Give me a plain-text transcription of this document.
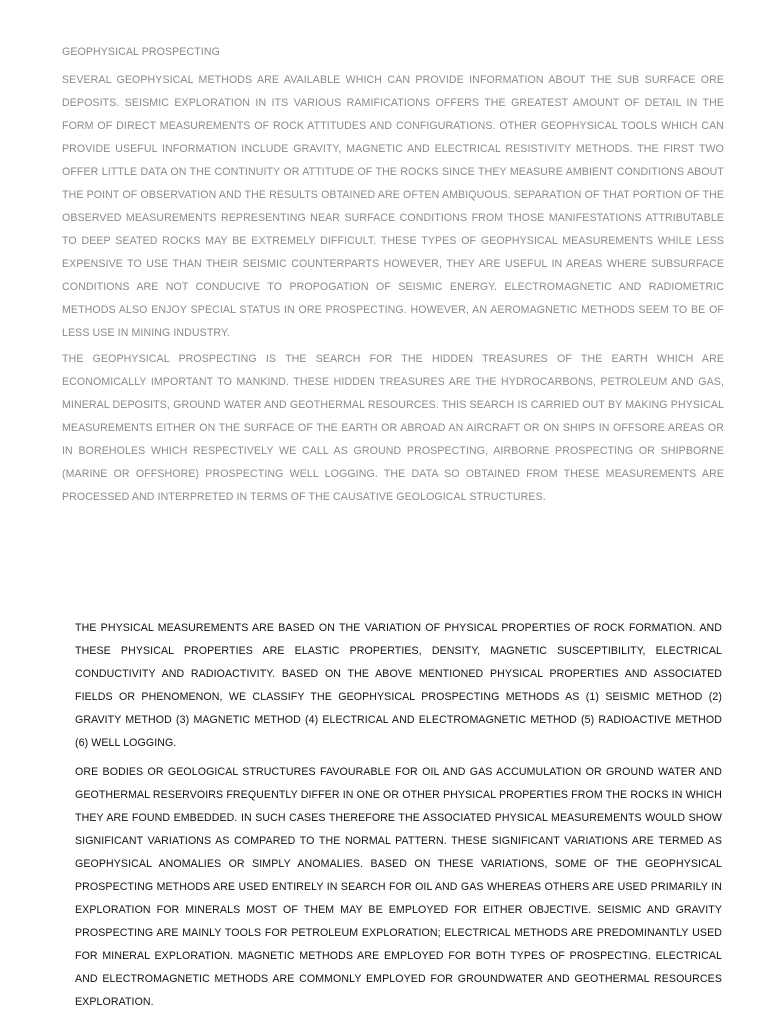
GEOPHYSICAL PROSPECTING

SEVERAL GEOPHYSICAL METHODS ARE AVAILABLE WHICH CAN PROVIDE INFORMATION ABOUT THE SUB SURFACE ORE DEPOSITS. SEISMIC EXPLORATION IN ITS VARIOUS RAMIFICATIONS OFFERS THE GREATEST AMOUNT OF DETAIL IN THE FORM OF DIRECT MEASUREMENTS OF ROCK ATTITUDES AND CONFIGURATIONS. OTHER GEOPHYSICAL TOOLS WHICH CAN PROVIDE USEFUL INFORMATION INCLUDE GRAVITY, MAGNETIC AND ELECTRICAL RESISTIVITY METHODS. THE FIRST TWO OFFER LITTLE DATA ON THE CONTINUITY OR ATTITUDE OF THE ROCKS SINCE THEY MEASURE AMBIENT CONDITIONS ABOUT THE POINT OF OBSERVATION AND THE RESULTS OBTAINED ARE OFTEN AMBIQUOUS. SEPARATION OF THAT PORTION OF THE OBSERVED MEASUREMENTS REPRESENTING NEAR SURFACE CONDITIONS FROM THOSE MANIFESTATIONS ATTRIBUTABLE TO DEEP SEATED ROCKS MAY BE EXTREMELY DIFFICULT. THESE TYPES OF GEOPHYSICAL MEASUREMENTS WHILE LESS EXPENSIVE TO USE THAN THEIR SEISMIC COUNTERPARTS HOWEVER, THEY ARE USEFUL IN AREAS WHERE SUBSURFACE CONDITIONS ARE NOT CONDUCIVE TO PROPOGATION OF SEISMIC ENERGY. ELECTROMAGNETIC AND RADIOMETRIC METHODS ALSO ENJOY SPECIAL STATUS IN ORE PROSPECTING. HOWEVER, AN AEROMAGNETIC METHODS SEEM TO BE OF LESS USE IN MINING INDUSTRY.

THE GEOPHYSICAL PROSPECTING IS THE SEARCH FOR THE HIDDEN TREASURES OF THE EARTH WHICH ARE ECONOMICALLY IMPORTANT TO MANKIND. THESE HIDDEN TREASURES ARE THE HYDROCARBONS, PETROLEUM AND GAS, MINERAL DEPOSITS, GROUND WATER AND GEOTHERMAL RESOURCES. THIS SEARCH IS CARRIED OUT BY MAKING PHYSICAL MEASUREMENTS EITHER ON THE SURFACE OF THE EARTH OR ABROAD AN AIRCRAFT OR ON SHIPS IN OFFSORE AREAS OR IN BOREHOLES WHICH RESPECTIVELY WE CALL AS GROUND PROSPECTING, AIRBORNE PROSPECTING OR SHIPBORNE (MARINE OR OFFSHORE) PROSPECTING WELL LOGGING. THE DATA SO OBTAINED FROM THESE MEASUREMENTS ARE PROCESSED AND INTERPRETED IN TERMS OF THE CAUSATIVE GEOLOGICAL STRUCTURES.

THE PHYSICAL MEASUREMENTS ARE BASED ON THE VARIATION OF PHYSICAL PROPERTIES OF ROCK FORMATION. AND THESE PHYSICAL PROPERTIES ARE ELASTIC PROPERTIES, DENSITY, MAGNETIC SUSCEPTIBILITY, ELECTRICAL CONDUCTIVITY AND RADIOACTIVITY. BASED ON THE ABOVE MENTIONED PHYSICAL PROPERTIES AND ASSOCIATED FIELDS OR PHENOMENON, WE CLASSIFY THE GEOPHYSICAL PROSPECTING METHODS AS (1) SEISMIC METHOD (2) GRAVITY METHOD (3) MAGNETIC METHOD (4) ELECTRICAL AND ELECTROMAGNETIC METHOD (5) RADIOACTIVE METHOD (6) WELL LOGGING.

ORE BODIES OR GEOLOGICAL STRUCTURES FAVOURABLE FOR OIL AND GAS ACCUMULATION OR GROUND WATER AND GEOTHERMAL RESERVOIRS FREQUENTLY DIFFER IN ONE OR OTHER PHYSICAL PROPERTIES FROM THE ROCKS IN WHICH THEY ARE FOUND EMBEDDED. IN SUCH CASES THEREFORE THE ASSOCIATED PHYSICAL MEASUREMENTS WOULD SHOW SIGNIFICANT VARIATIONS AS COMPARED TO THE NORMAL PATTERN. THESE SIGNIFICANT VARIATIONS ARE TERMED AS GEOPHYSICAL ANOMALIES OR SIMPLY ANOMALIES. BASED ON THESE VARIATIONS, SOME OF THE GEOPHYSICAL PROSPECTING METHODS ARE USED ENTIRELY IN SEARCH FOR OIL AND GAS WHEREAS OTHERS ARE USED PRIMARILY IN EXPLORATION FOR MINERALS MOST OF THEM MAY BE EMPLOYED FOR EITHER OBJECTIVE. SEISMIC AND GRAVITY PROSPECTING ARE MAINLY TOOLS FOR PETROLEUM EXPLORATION; ELECTRICAL METHODS ARE PREDOMINANTLY USED FOR MINERAL EXPLORATION. MAGNETIC METHODS ARE EMPLOYED FOR BOTH TYPES OF PROSPECTING. ELECTRICAL AND ELECTROMAGNETIC METHODS ARE COMMONLY EMPLOYED FOR GROUNDWATER AND GEOTHERMAL RESOURCES EXPLORATION.
